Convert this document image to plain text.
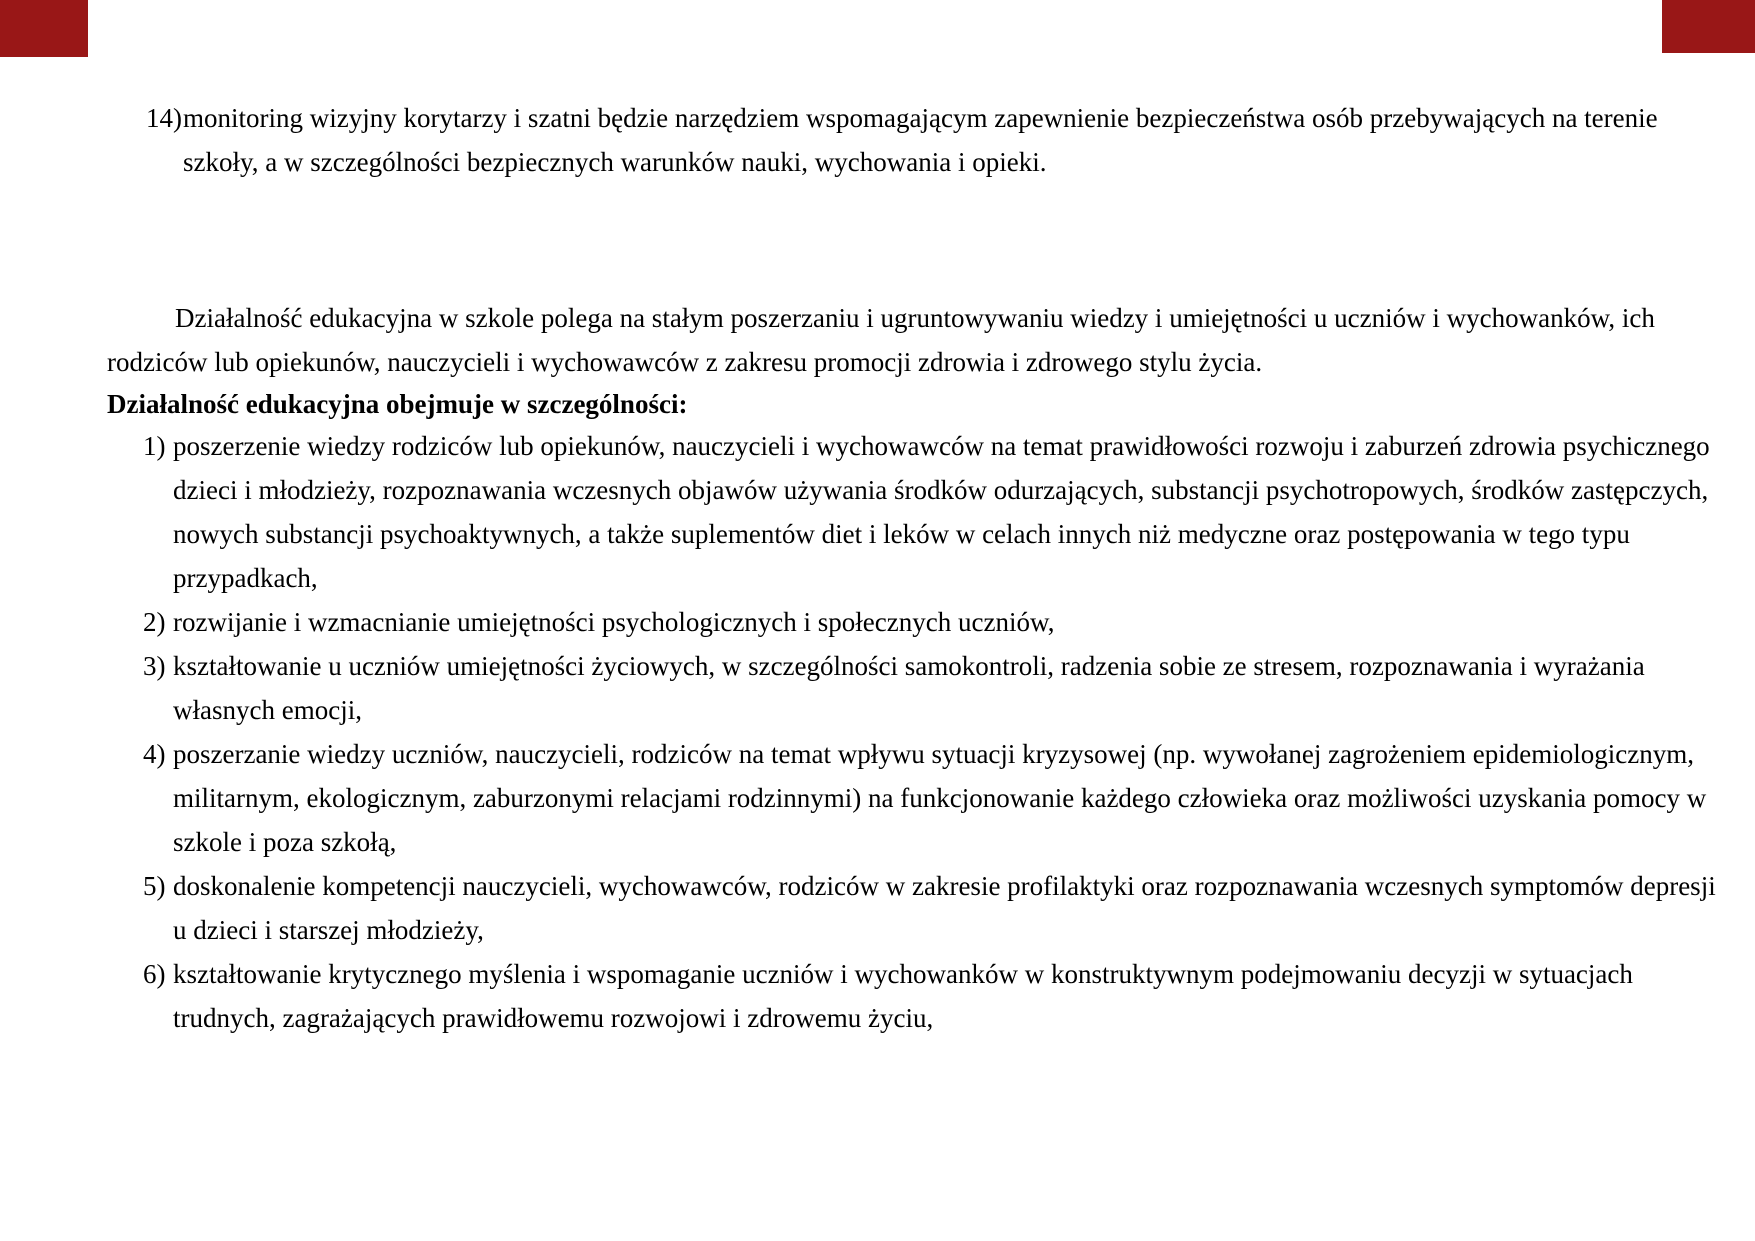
14) monitoring wizyjny korytarzy i szatni będzie narzędziem wspomagającym zapewnienie bezpieczeństwa osób przebywających na terenie
szkoły, a w szczególności bezpiecznych warunków nauki, wychowania i opieki.
Działalność edukacyjna w szkole polega na stałym poszerzaniu i ugruntowywaniu wiedzy i umiejętności u uczniów i wychowanków, ich
rodziców lub opiekunów, nauczycieli i wychowawców z zakresu promocji zdrowia i zdrowego stylu życia.
Działalność edukacyjna obejmuje w szczególności:
1) poszerzenie wiedzy rodziców lub opiekunów, nauczycieli i wychowawców na temat prawidłowości rozwoju i zaburzeń zdrowia psychicznego
dzieci i młodzieży, rozpoznawania wczesnych objawów używania środków odurzających, substancji psychotropowych, środków zastępczych,
nowych substancji psychoaktywnych, a także suplementów diet i leków w celach innych niż medyczne oraz postępowania w tego typu
przypadkach,
2) rozwijanie i wzmacnianie umiejętności psychologicznych i społecznych uczniów,
3) kształtowanie u uczniów umiejętności życiowych, w szczególności samokontroli, radzenia sobie ze stresem, rozpoznawania i wyrażania
własnych emocji,
4) poszerzanie wiedzy uczniów, nauczycieli, rodziców na temat wpływu sytuacji kryzysowej (np. wywołanej zagrożeniem epidemiologicznym,
militarnym, ekologicznym, zaburzonymi relacjami rodzinnymi) na funkcjonowanie każdego człowieka oraz możliwości uzyskania pomocy w
szkole i poza szkołą,
5) doskonalenie kompetencji nauczycieli, wychowawców, rodziców w zakresie profilaktyki oraz rozpoznawania wczesnych symptomów depresji
u dzieci i starszej młodzieży,
6) kształtowanie krytycznego myślenia i wspomaganie uczniów i wychowanków w konstruktywnym podejmowaniu decyzji w sytuacjach
trudnych, zagrażających prawidłowemu rozwojowi i zdrowemu życiu,
